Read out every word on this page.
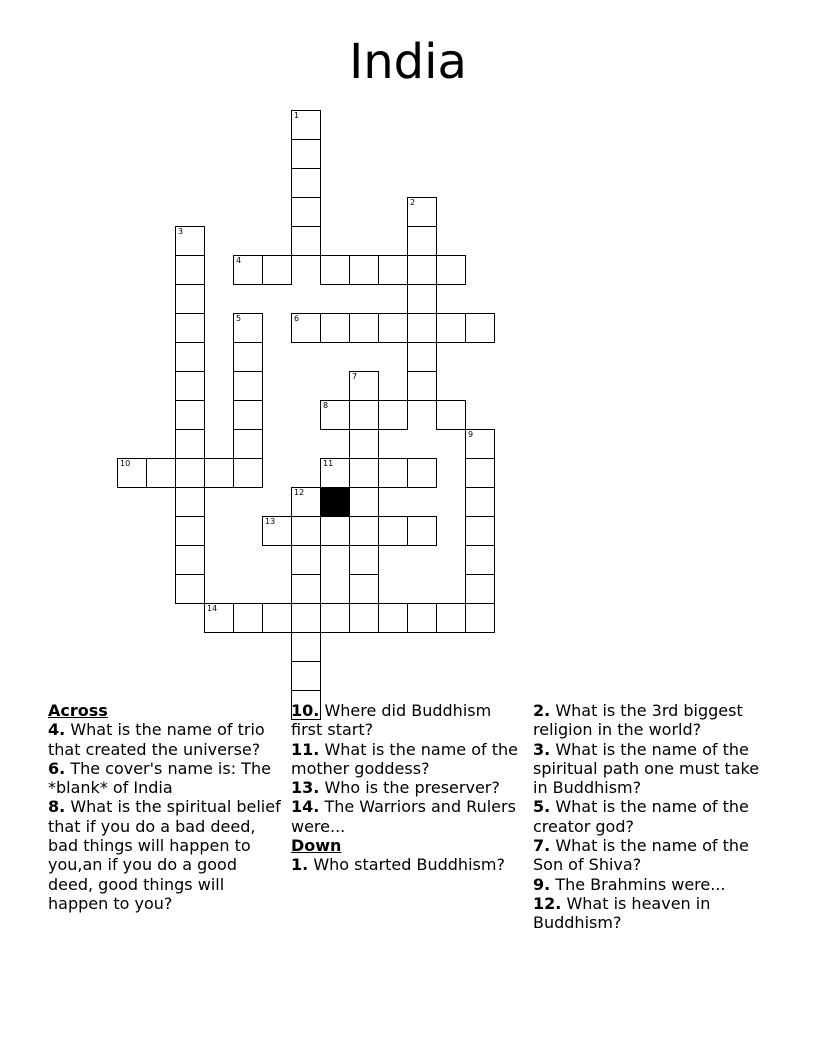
India
1
2
3
4
5	6
7
8
9
10	11
12
13
14
Across
4. What is the name of trio that created the universe?
6. The cover's name is: The *blank* of India
8. What is the spiritual belief that if you do a bad deed, bad things will happen to you,an if you do a good deed, good things will happen to you?
10. Where did Buddhism first start?
11. What is the name of the mother goddess?
13. Who is the preserver?
14. The Warriors and Rulers were...
Down
1. Who started Buddhism?
2. What is the 3rd biggest religion in the world?
3. What is the name of the spiritual path one must take in Buddhism?
5. What is the name of the creator god?
7. What is the name of the Son of Shiva?
9. The Brahmins were...
12. What is heaven in Buddhism?
